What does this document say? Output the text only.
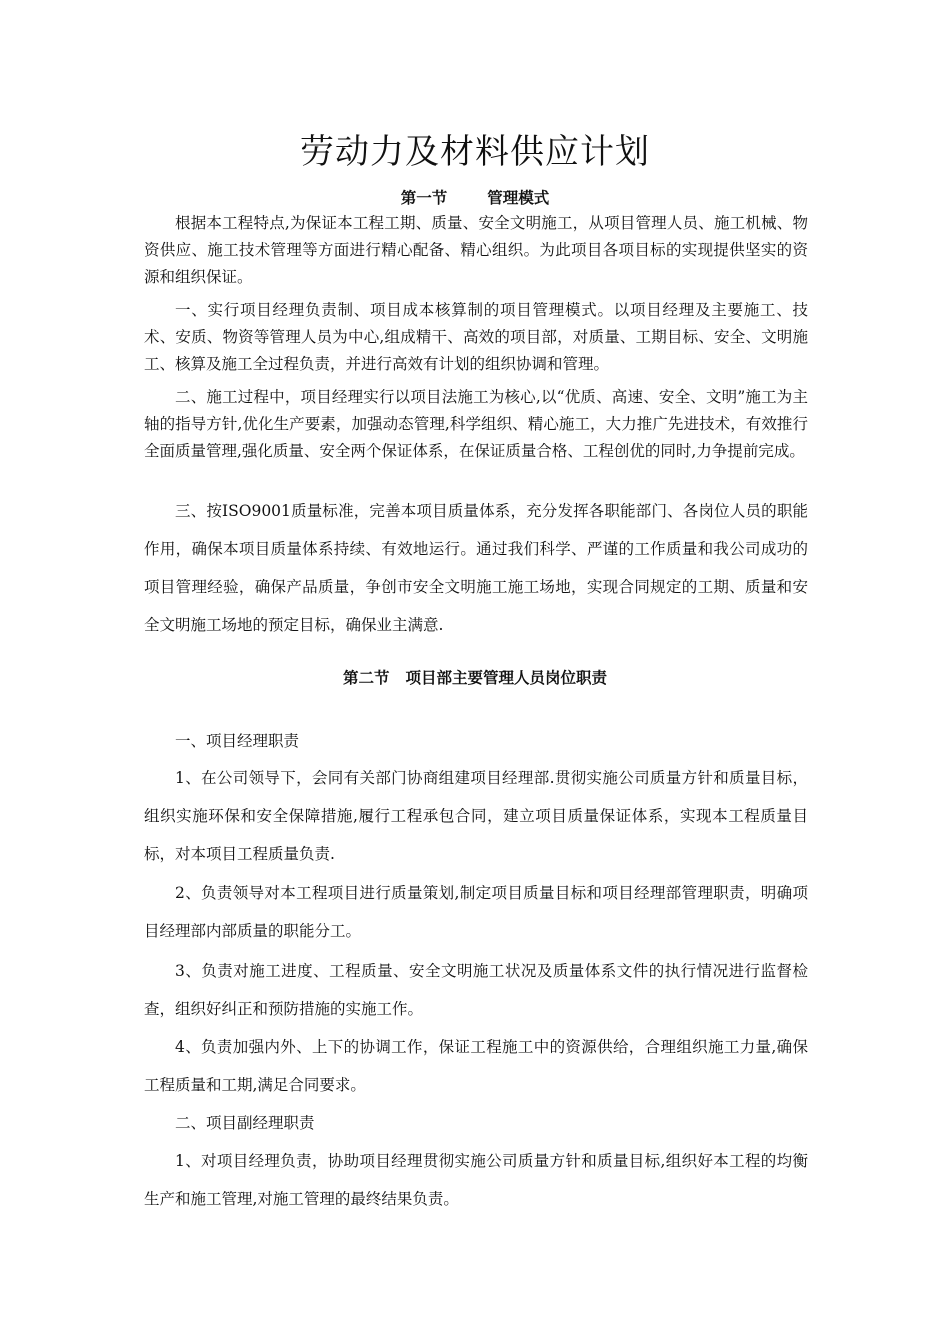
劳动力及材料供应计划
第一节	管理模式

根据本工程特点,为保证本工程工期、质量、安全文明施工，从项目管理人员、施工机械、物资供应、施工技术管理等方面进行精心配备、精心组织。为此项目各项目标的实现提供坚实的资源和组织保证。

一、实行项目经理负责制、项目成本核算制的项目管理模式。以项目经理及主要施工、技术、安质、物资等管理人员为中心,组成精干、高效的项目部，对质量、工期目标、安全、文明施工、核算及施工全过程负责，并进行高效有计划的组织协调和管理。

二、施工过程中，项目经理实行以项目法施工为核心,以“优质、高速、安全、文明”施工为主轴的指导方针,优化生产要素，加强动态管理,科学组织、精心施工，大力推广先进技术，有效推行全面质量管理,强化质量、安全两个保证体系，在保证质量合格、工程创优的同时,力争提前完成。

三、按ISO9001质量标准，完善本项目质量体系，充分发挥各职能部门、各岗位人员的职能作用，确保本项目质量体系持续、有效地运行。通过我们科学、严谨的工作质量和我公司成功的项目管理经验，确保产品质量，争创市安全文明施工施工场地，实现合同规定的工期、质量和安全文明施工场地的预定目标，确保业主满意.

第二节 项目部主要管理人员岗位职责

一、项目经理职责

1、在公司领导下，会同有关部门协商组建项目经理部.贯彻实施公司质量方针和质量目标，组织实施环保和安全保障措施,履行工程承包合同，建立项目质量保证体系，实现本工程质量目标，对本项目工程质量负责.

2、负责领导对本工程项目进行质量策划,制定项目质量目标和项目经理部管理职责，明确项目经理部内部质量的职能分工。

3、负责对施工进度、工程质量、安全文明施工状况及质量体系文件的执行情况进行监督检查，组织好纠正和预防措施的实施工作。

4、负责加强内外、上下的协调工作，保证工程施工中的资源供给，合理组织施工力量,确保工程质量和工期,满足合同要求。

二、项目副经理职责

1、对项目经理负责，协助项目经理贯彻实施公司质量方针和质量目标,组织好本工程的均衡生产和施工管理,对施工管理的最终结果负责。
